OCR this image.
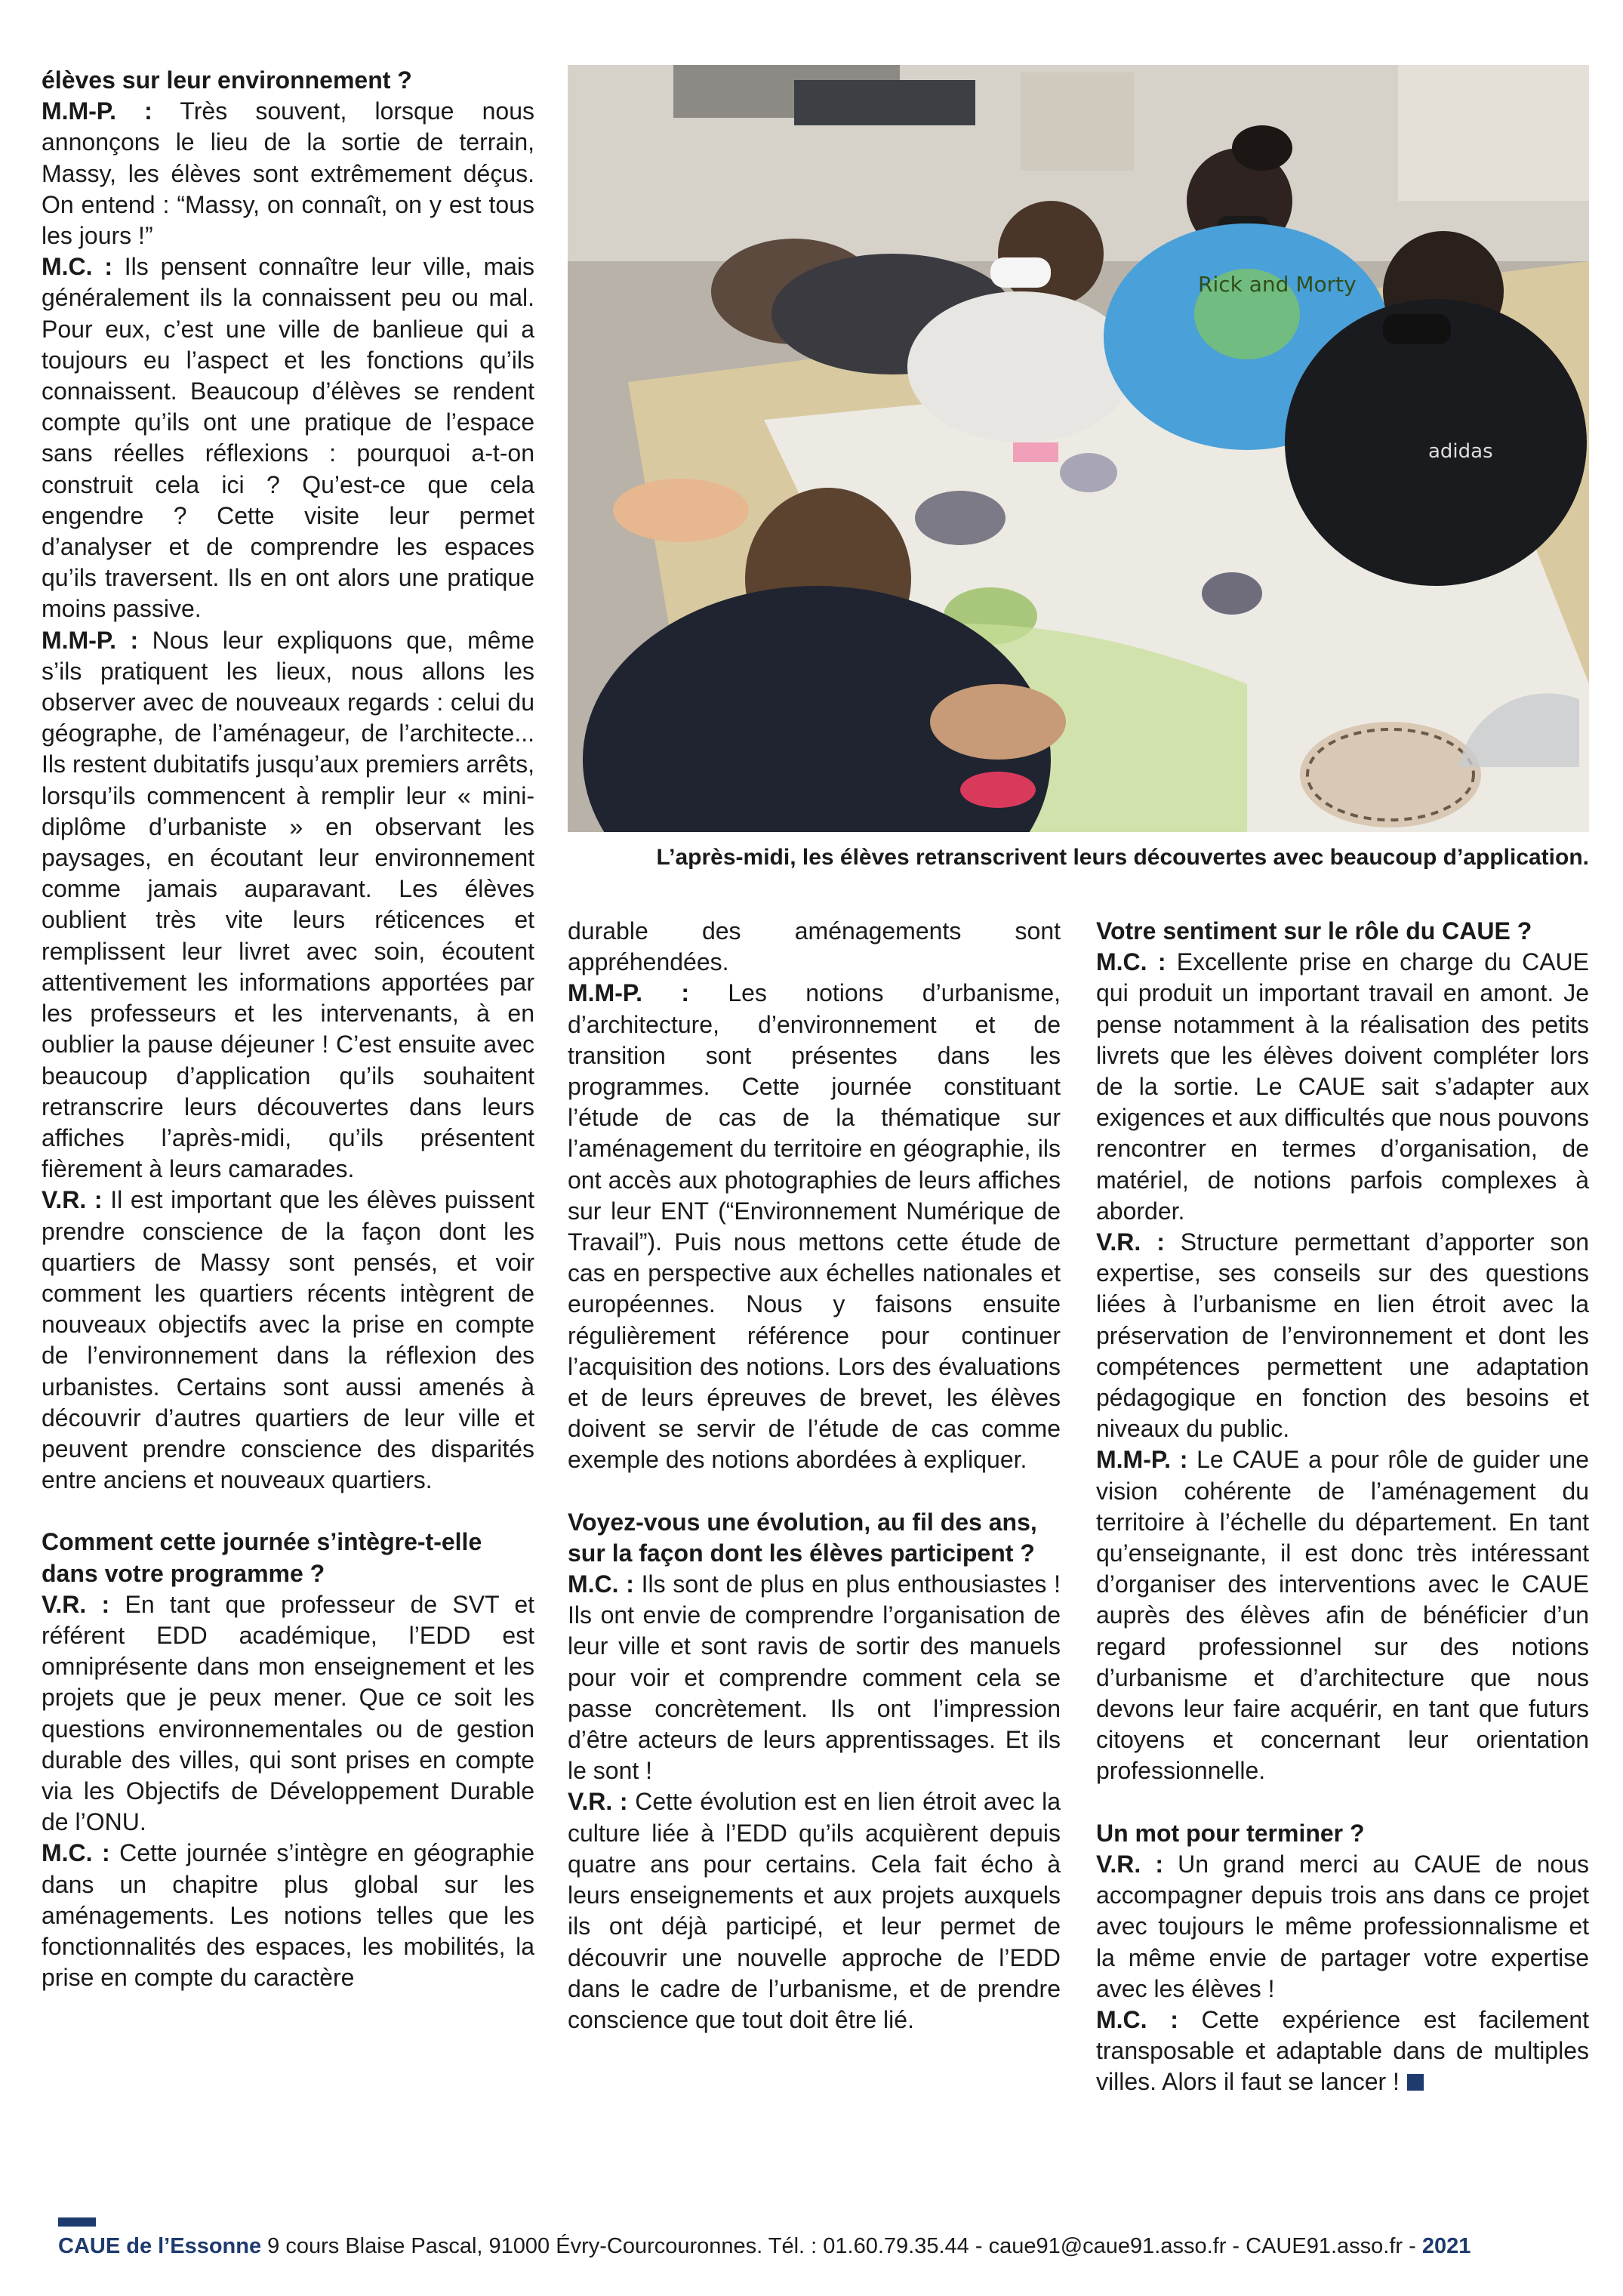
élèves sur leur environnement ?

M.M-P. : Très souvent, lorsque nous annonçons le lieu de la sortie de terrain, Massy, les élèves sont extrêmement déçus. On entend : “Massy, on connaît, on y est tous les jours !”

M.C. : Ils pensent connaître leur ville, mais généralement ils la connaissent peu ou mal. Pour eux, c’est une ville de banlieue qui a toujours eu l’aspect et les fonctions qu’ils connaissent. Beaucoup d’élèves se rendent compte qu’ils ont une pratique de l’espace sans réelles réflexions : pourquoi a-t-on construit cela ici ? Qu’est-ce que cela engendre ? Cette visite leur permet d’analyser et de comprendre les espaces qu’ils traversent. Ils en ont alors une pratique moins passive.

M.M-P. : Nous leur expliquons que, même s’ils pratiquent les lieux, nous allons les observer avec de nouveaux regards : celui du géographe, de l’aménageur, de l’architecte... Ils restent dubitatifs jusqu’aux premiers arrêts, lorsqu’ils commencent à remplir leur « mini-diplôme d’urbaniste » en observant les paysages, en écoutant leur environnement comme jamais auparavant. Les élèves oublient très vite leurs réticences et remplissent leur livret avec soin, écoutent attentivement les informations apportées par les professeurs et les intervenants, à en oublier la pause déjeuner ! C’est ensuite avec beaucoup d’application qu’ils souhaitent retranscrire leurs découvertes dans leurs affiches l’après-midi, qu’ils présentent fièrement à leurs camarades.

V.R. : Il est important que les élèves puissent prendre conscience de la façon dont les quartiers de Massy sont pensés, et voir comment les quartiers récents intègrent de nouveaux objectifs avec la prise en compte de l’environnement dans la réflexion des urbanistes. Certains sont aussi amenés à découvrir d’autres quartiers de leur ville et peuvent prendre conscience des disparités entre anciens et nouveaux quartiers.

Comment cette journée s’intègre-t-elle dans votre programme ?

V.R. : En tant que professeur de SVT et référent EDD académique, l’EDD est omniprésente dans mon enseignement et les projets que je peux mener. Que ce soit les questions environnementales ou de gestion durable des villes, qui sont prises en compte via les Objectifs de Développement Durable de l’ONU.

M.C. : Cette journée s’intègre en géographie dans un chapitre plus global sur les aménagements. Les notions telles que les fonctionnalités des espaces, les mobilités, la prise en compte du caractère

Rick and Morty
adidas
L’après-midi, les élèves retranscrivent leurs découvertes avec beaucoup d’application.

durable des aménagements sont appréhendées.

M.M-P. : Les notions d’urbanisme, d’architecture, d’environnement et de transition sont présentes dans les programmes. Cette journée constituant l’étude de cas de la thématique sur l’aménagement du territoire en géographie, ils ont accès aux photographies de leurs affiches sur leur ENT (“Environnement Numérique de Travail”). Puis nous mettons cette étude de cas en perspective aux échelles nationales et européennes. Nous y faisons ensuite régulièrement référence pour continuer l’acquisition des notions. Lors des évaluations et de leurs épreuves de brevet, les élèves doivent se servir de l’étude de cas comme exemple des notions abordées à expliquer.

Voyez-vous une évolution, au fil des ans, sur la façon dont les élèves participent ?

M.C. : Ils sont de plus en plus enthousiastes ! Ils ont envie de comprendre l’organisation de leur ville et sont ravis de sortir des manuels pour voir et comprendre comment cela se passe concrètement. Ils ont l’impression d’être acteurs de leurs apprentissages. Et ils le sont !

V.R. : Cette évolution est en lien étroit avec la culture liée à l’EDD qu’ils acquièrent depuis quatre ans pour certains. Cela fait écho à leurs enseignements et aux projets auxquels ils ont déjà participé, et leur permet de découvrir une nouvelle approche de l’EDD dans le cadre de l’urbanisme, et de prendre conscience que tout doit être lié.

Votre sentiment sur le rôle du CAUE ?

M.C. : Excellente prise en charge du CAUE qui produit un important travail en amont. Je pense notamment à la réalisation des petits livrets que les élèves doivent compléter lors de la sortie. Le CAUE sait s’adapter aux exigences et aux difficultés que nous pouvons rencontrer en termes d’organisation, de matériel, de notions parfois complexes à aborder.

V.R. : Structure permettant d’apporter son expertise, ses conseils sur des questions liées à l’urbanisme en lien étroit avec la préservation de l’environnement et dont les compétences permettent une adaptation pédagogique en fonction des besoins et niveaux du public.

M.M-P. : Le CAUE a pour rôle de guider une vision cohérente de l’aménagement du territoire à l’échelle du département. En tant qu’enseignante, il est donc très intéressant d’organiser des interventions avec le CAUE auprès des élèves afin de bénéficier d’un regard professionnel sur des notions d’urbanisme et d’architecture que nous devons leur faire acquérir, en tant que futurs citoyens et concernant leur orientation professionnelle.

Un mot pour terminer ?

V.R. : Un grand merci au CAUE de nous accompagner depuis trois ans dans ce projet avec toujours le même professionnalisme et la même envie de partager votre expertise avec les élèves !

M.C. : Cette expérience est facilement transposable et adaptable dans de multiples villes. Alors il faut se lancer !

CAUE de l’Essonne 9 cours Blaise Pascal, 91000 Évry-Courcouronnes. Tél. : 01.60.79.35.44 - caue91@caue91.asso.fr - CAUE91.asso.fr - 2021
